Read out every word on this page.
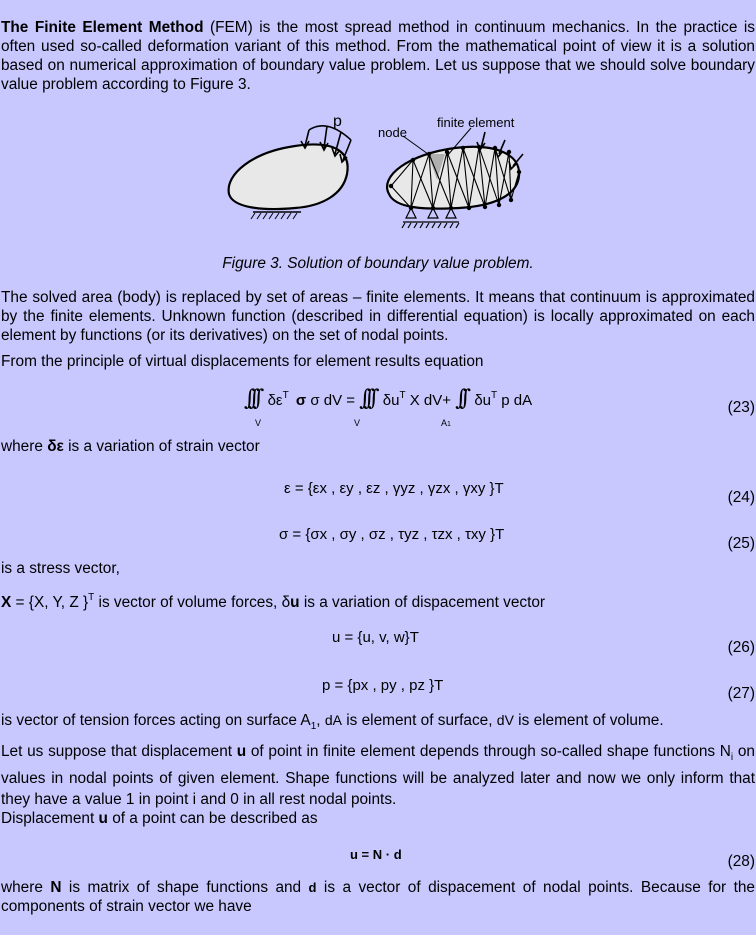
The Finite Element Method (FEM) is the most spread method in continuum mechanics. In the practice is often used so-called deformation variant of this method. From the mathematical point of view it is a solution based on numerical approximation of boundary value problem. Let us suppose that we should solve boundary value problem according to Figure 3.

p
node
finite element
Figure 3. Solution of boundary value problem.

The solved area (body) is replaced by set of areas – finite elements. It means that continuum is approximated by the finite elements. Unknown function (described in differential equation) is locally approximated on each element by functions (or its derivatives) on the set of nodal points.

From the principle of virtual displacements for element results equation

∫∫∫ $\delta\varepsilon^T$ σ σ dV = ∫∫∫ $\delta u^T$ X dV+ ∫∫ $\delta u^T$ p dA
V	V	A1
(23)

where δε is a variation of strain vector

ε = {εx , εy , εz , γyz , γzx , γxy }T
(24)
σ = {σx , σy , σz , τyz , τzx , τxy }T
(25)

is a stress vector,

X = {X, Y, Z }$^T$ is vector of volume forces, δu is a variation of dispacement vector

u = {u, v, w}T
(26)
p = {px , py , pz }T	(27)

is vector of tension forces acting on surface $A_1$, dA is element of surface, dV is element of volume.

Let us suppose that displacement u of point in finite element depends through so-called shape functions $N_i$ on values in nodal points of given element. Shape functions will be analyzed later and now we only inform that they have a value 1 in point i and 0 in all rest nodal points.

Displacement u of a point can be described as

u = N · d	(28)

where N is matrix of shape functions and d is a vector of dispacement of nodal points. Because for the components of strain vector we have
